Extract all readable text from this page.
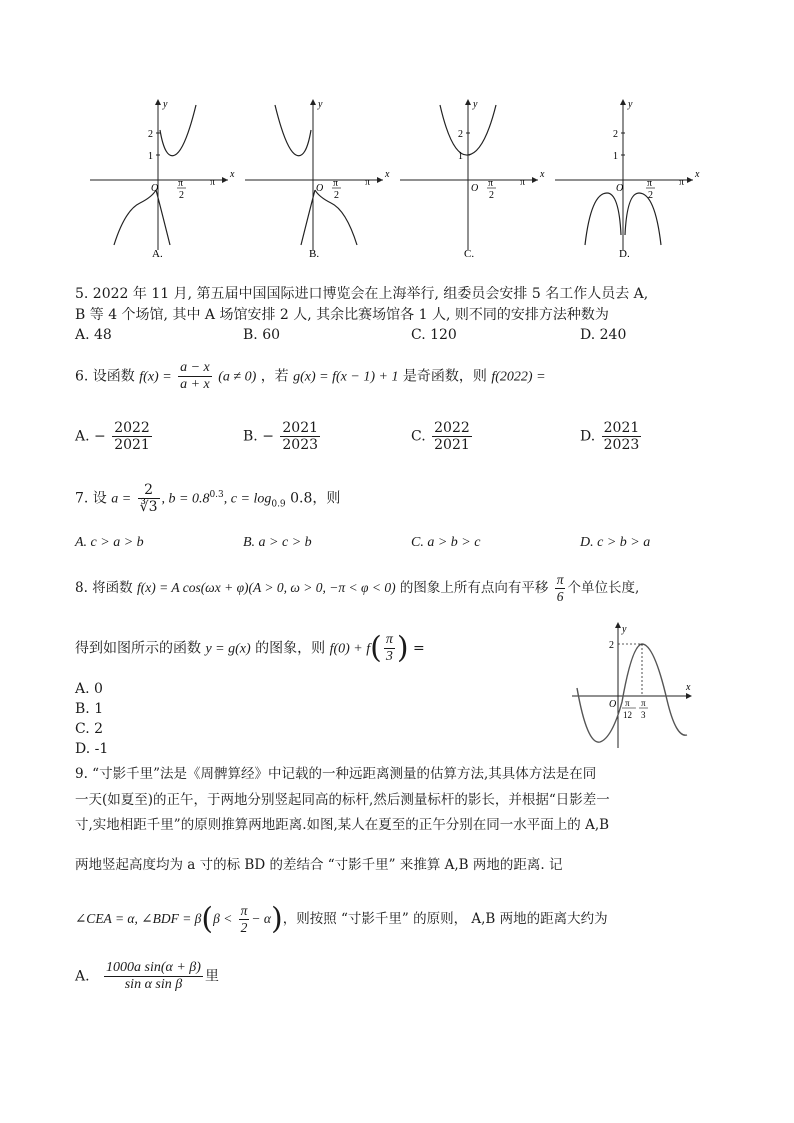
y
x
O
2
1
π
2
π
A.
y
x
O π
2
π
B.
y
x
O
2
1
π
2
π
C.
y
x
O
2
1
π
2
π
D.
5. 2022 年 11 月, 第五届中国国际进口博览会在上海举行, 组委员会安排 5 名工作人员去 A,
B 等 4 个场馆, 其中 A 场馆安排 2 人, 其余比赛场馆各 1 人, 则不同的安排方法种数为
A. 48	B. 60	C. 120	D. 240
6. 设函数 $f(x) = \frac{a - x}{a + x} (a \ne 0)$ ，若 g(x) = f(x − 1) + 1 是奇函数，则 f(2022) =
A. − $\frac{2022}{2021}$	B. − $\frac{2021}{2023}$	C. $\frac{2022}{2021}$	D. $\frac{2021}{2023}$
7. 设 $a = \frac{2}{∛3}$ , $b = 0.8^{0.3}$, $c = \log_{0.9} 0.8$，则
A. c > a > b	B. a > c > b	C. a > b > c	D. c > b > a
8. 将函数 f(x) = A cos(ωx + φ)(A > 0, ω > 0, −π < φ < 0) 的图象上所有点向有平移 $\frac{\pi}{6}$ 个单位长度,
得到如图所示的函数 y = g(x) 的图象，则 $f(0) + f( \frac{\pi}{3}$ ) =
A. 0
B. 1
C. 2
D. -1
y
x
O
2
π
12
π
3
9. “寸影千里”法是《周髀算经》中记载的一种远距离测量的估算方法,其具体方法是在同
一天(如夏至)的正午，于两地分别竖起同高的标杆,然后测量标杆的影长，并根据“日影差一
寸,实地相距千里”的原则推算两地距离.如图,某人在夏至的正午分别在同一水平面上的 A,B
两地竖起高度均为 a 寸的标 BD 的差结合 “寸影千里” 来推算 A,B 两地的距离. 记
∠CEA = α, ∠BDF = $\beta(\beta < \frac{\pi}{2} - \alpha)$，则按照 “寸影千里” 的原则， A,B 两地的距离大约为
A. $\frac{\text{1000a sin(α + β)}}{\text{sin α sin β}}$ 里
